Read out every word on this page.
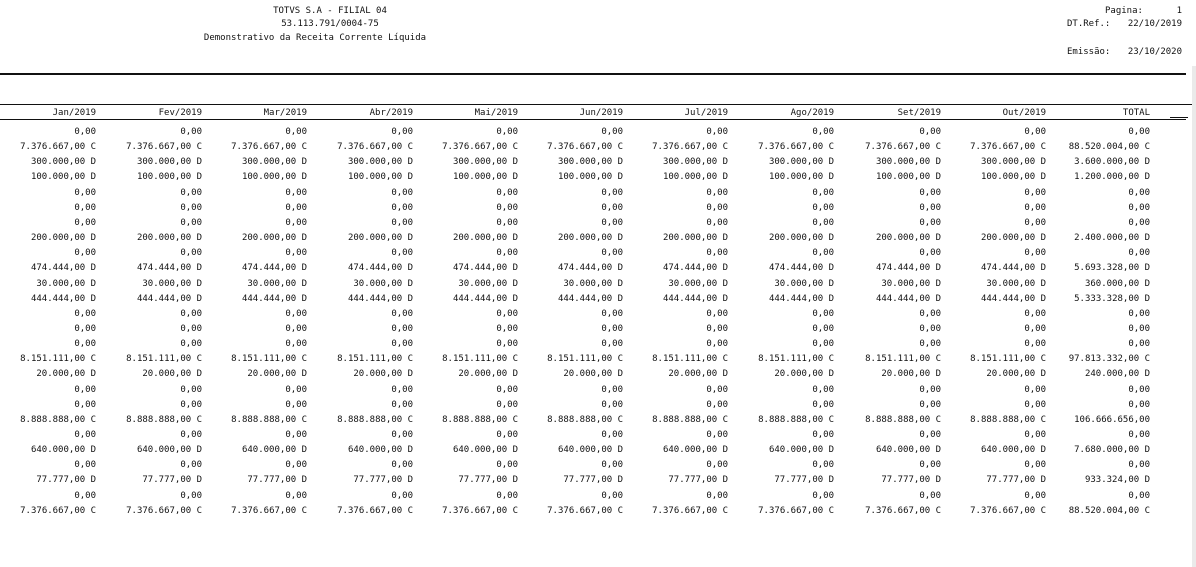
TOTVS S.A - FILIAL 04
53.113.791/0004-75
Demonstrativo da Receita Corrente Líquida
Pagina:	1
DT.Ref.:	22/10/2019
Emissão:	23/10/2020
Jan/2019	Fev/2019	Mar/2019	Abr/2019	Mai/2019	Jun/2019	Jul/2019	Ago/2019	Set/2019	Out/2019	TOTAL
0,00	0,00	0,00	0,00	0,00	0,00	0,00	0,00	0,00	0,00	0,00
7.376.667,00 C	7.376.667,00 C	7.376.667,00 C	7.376.667,00 C	7.376.667,00 C	7.376.667,00 C	7.376.667,00 C	7.376.667,00 C	7.376.667,00 C	7.376.667,00 C	88.520.004,00 C
300.000,00 D	300.000,00 D	300.000,00 D	300.000,00 D	300.000,00 D	300.000,00 D	300.000,00 D	300.000,00 D	300.000,00 D	300.000,00 D	3.600.000,00 D
100.000,00 D	100.000,00 D	100.000,00 D	100.000,00 D	100.000,00 D	100.000,00 D	100.000,00 D	100.000,00 D	100.000,00 D	100.000,00 D	1.200.000,00 D
0,00	0,00	0,00	0,00	0,00	0,00	0,00	0,00	0,00	0,00	0,00
0,00	0,00	0,00	0,00	0,00	0,00	0,00	0,00	0,00	0,00	0,00
0,00	0,00	0,00	0,00	0,00	0,00	0,00	0,00	0,00	0,00	0,00
200.000,00 D	200.000,00 D	200.000,00 D	200.000,00 D	200.000,00 D	200.000,00 D	200.000,00 D	200.000,00 D	200.000,00 D	200.000,00 D	2.400.000,00 D
0,00	0,00	0,00	0,00	0,00	0,00	0,00	0,00	0,00	0,00	0,00
474.444,00 D	474.444,00 D	474.444,00 D	474.444,00 D	474.444,00 D	474.444,00 D	474.444,00 D	474.444,00 D	474.444,00 D	474.444,00 D	5.693.328,00 D
30.000,00 D	30.000,00 D	30.000,00 D	30.000,00 D	30.000,00 D	30.000,00 D	30.000,00 D	30.000,00 D	30.000,00 D	30.000,00 D	360.000,00 D
444.444,00 D	444.444,00 D	444.444,00 D	444.444,00 D	444.444,00 D	444.444,00 D	444.444,00 D	444.444,00 D	444.444,00 D	444.444,00 D	5.333.328,00 D
0,00	0,00	0,00	0,00	0,00	0,00	0,00	0,00	0,00	0,00	0,00
0,00	0,00	0,00	0,00	0,00	0,00	0,00	0,00	0,00	0,00	0,00
0,00	0,00	0,00	0,00	0,00	0,00	0,00	0,00	0,00	0,00	0,00
8.151.111,00 C	8.151.111,00 C	8.151.111,00 C	8.151.111,00 C	8.151.111,00 C	8.151.111,00 C	8.151.111,00 C	8.151.111,00 C	8.151.111,00 C	8.151.111,00 C	97.813.332,00 C
20.000,00 D	20.000,00 D	20.000,00 D	20.000,00 D	20.000,00 D	20.000,00 D	20.000,00 D	20.000,00 D	20.000,00 D	20.000,00 D	240.000,00 D
0,00	0,00	0,00	0,00	0,00	0,00	0,00	0,00	0,00	0,00	0,00
0,00	0,00	0,00	0,00	0,00	0,00	0,00	0,00	0,00	0,00	0,00
8.888.888,00 C	8.888.888,00 C	8.888.888,00 C	8.888.888,00 C	8.888.888,00 C	8.888.888,00 C	8.888.888,00 C	8.888.888,00 C	8.888.888,00 C	8.888.888,00 C	106.666.656,00
0,00	0,00	0,00	0,00	0,00	0,00	0,00	0,00	0,00	0,00	0,00
640.000,00 D	640.000,00 D	640.000,00 D	640.000,00 D	640.000,00 D	640.000,00 D	640.000,00 D	640.000,00 D	640.000,00 D	640.000,00 D	7.680.000,00 D
0,00	0,00	0,00	0,00	0,00	0,00	0,00	0,00	0,00	0,00	0,00
77.777,00 D	77.777,00 D	77.777,00 D	77.777,00 D	77.777,00 D	77.777,00 D	77.777,00 D	77.777,00 D	77.777,00 D	77.777,00 D	933.324,00 D
0,00	0,00	0,00	0,00	0,00	0,00	0,00	0,00	0,00	0,00	0,00
7.376.667,00 C	7.376.667,00 C	7.376.667,00 C	7.376.667,00 C	7.376.667,00 C	7.376.667,00 C	7.376.667,00 C	7.376.667,00 C	7.376.667,00 C	7.376.667,00 C	88.520.004,00 C
